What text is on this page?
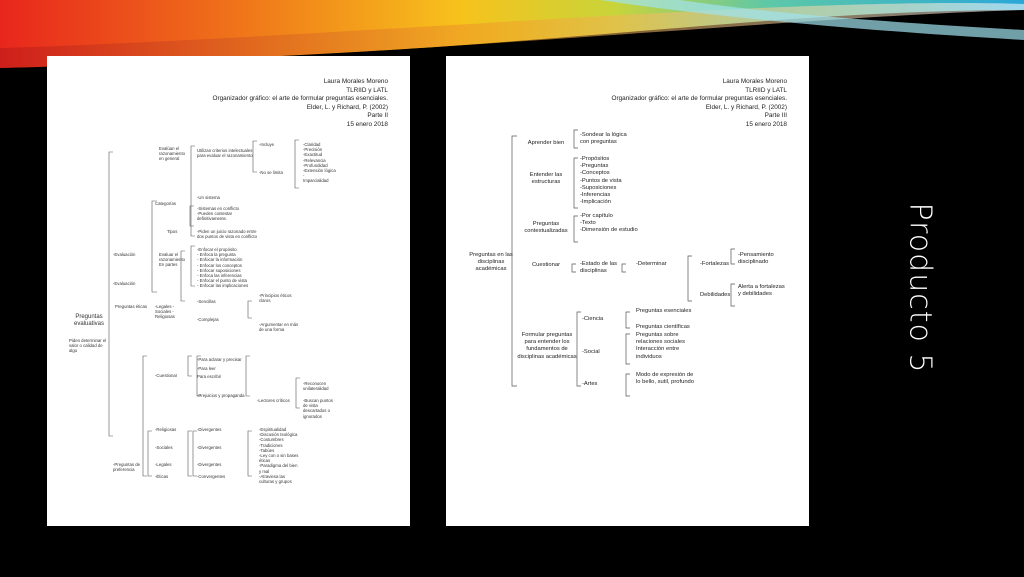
Laura Morales Moreno
TLRIID y LATL
Organizador gráfico: el arte de formular preguntas esenciales.
Elder, L. y Richard, P. (2002)
Parte II
15 enero 2018
Preguntas evaluativas
Piden determinar el valor o calidad de algo
-Evaluación
-Evaluación
Preguntas éticas
-Preguntas de preferencia
Evalúan el razonamiento en general
Utilizan criterios intelectuales para evaluar el razonamiento
-Incluye
-No se limita
-Claridad
-Precisión
-Exactitud
-Relevancia
-Profundidad
-Extensión lógica
-
Imparcialidad
Categorías
-Un sistema
-Sistemas en conflicto
Tipos
-Pueden contestar definitivamente.
-Piden un juicio razonado entre dos puntos de vista en conflicto
Evaluar el razonamiento En partes
-Enfocar el propósito
- Enfoca la pregunta
- Enfocar la información
- Enfocar los conceptos
- Enfocar suposiciones
- Enfoca las inferencias
- Enfocar el punto de vista
- Enfocar las implicaciones
-Legales -Sociales -Religiosas
-Sencillas
-Complejas
-Principios éticos claros
-Argumentar en más de una forma
-Cuestionar
-Para aclarar y precisar
-Para leer
Para escribir
-Prejuicios y propaganda
-Lectores críticos
-Reconocen unilateralidad
-Buscan puntos de vista descartados o ignorados
-Religiosas	-Divergentes
-Sociales	-Divergentes
-Legales	-Divergentes
-Éticas	-Convergentes
-Espiritualidad
-Discusión teológica
-Costumbres
-Tradiciones
-Tabúes
-Ley con o sin bases éticas
-Paradigma del bien y mal
-Atraviesa las culturas y grupos
Laura Morales Moreno
TLRIID y LATL
Organizador gráfico: el arte de formular preguntas esenciales.
Elder, L. y Richard, P. (2002)
Parte III
15 enero 2018
Preguntas en las disciplinas académicas
Aprender bien
Entender las estructuras
Preguntas contextualizadas
Cuestionar
Formular preguntas para entender los fundamentos de disciplinas académicas
-Sondear la lógica con preguntas
-Propósitos
-Preguntas
-Conceptos
-Puntos de vista
-Suposiciones
-Inferencias
-Implicación
-Por capítulo
-Texto
-Dimensión de estudio
-Estado de las disciplinas
-Determinar	-Fortalezas
Debilidades
-Pensamiento disciplinado
Alerta a fortalezas y debilidades
-Ciencia
-Social
-Artes
Preguntas esenciales
Preguntas científicas
Preguntas sobre relaciones sociales Interacción entre individuos
Modo de expresión de lo bello, sutil, profundo
Producto 5
